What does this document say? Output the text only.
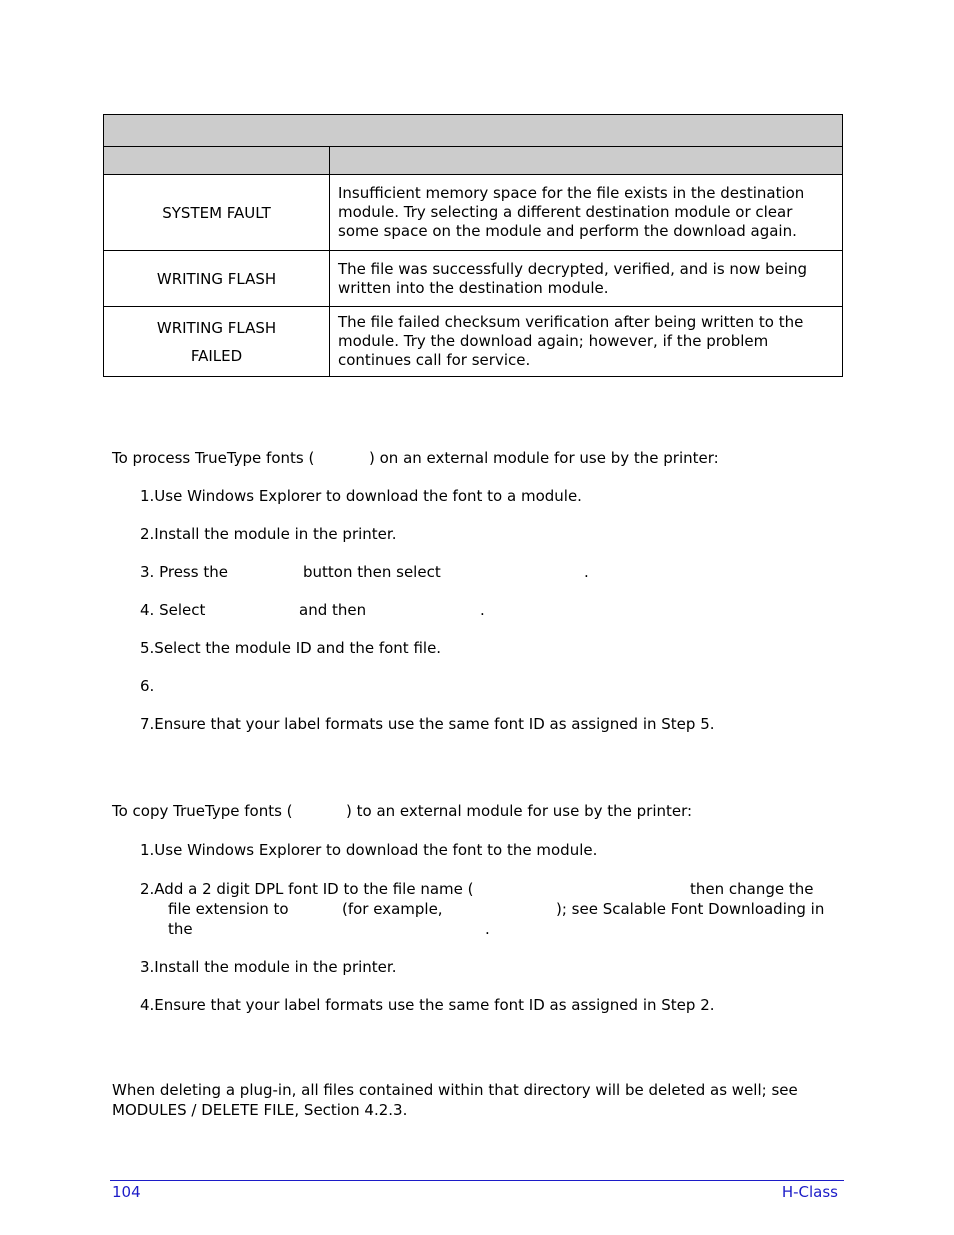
SYSTEM FAULT	Insufficient memory space for the file exists in the destination module. Try selecting a different destination module or clear some space on the module and perform the download again.
WRITING FLASH	The file was successfully decrypted, verified, and is now being written into the destination module.

WRITING FLASH
FAILED	The file failed checksum verification after being written to the module. Try the download again; however, if the problem continues call for service.
To process TrueType fonts (	) on an external module for use by the printer:
1.Use Windows Explorer to download the font to a module.
2.Install the module in the printer.
3. Press the	button then select	.
4. Select	and then	.
5.Select the module ID and the font file.
6.
7.Ensure that your label formats use the same font ID as assigned in Step 5.
To copy TrueType fonts (	) to an external module for use by the printer:
1.Use Windows Explorer to download the font to the module.
2.Add a 2 digit DPL font ID to the file name (	then change the
file extension to	(for example,	); see Scalable Font Downloading in
the	.
3.Install the module in the printer.
4.Ensure that your label formats use the same font ID as assigned in Step 2.
When deleting a plug-in, all files contained within that directory will be deleted as well; see
MODULES / DELETE FILE, Section 4.2.3.
104	H-Class
